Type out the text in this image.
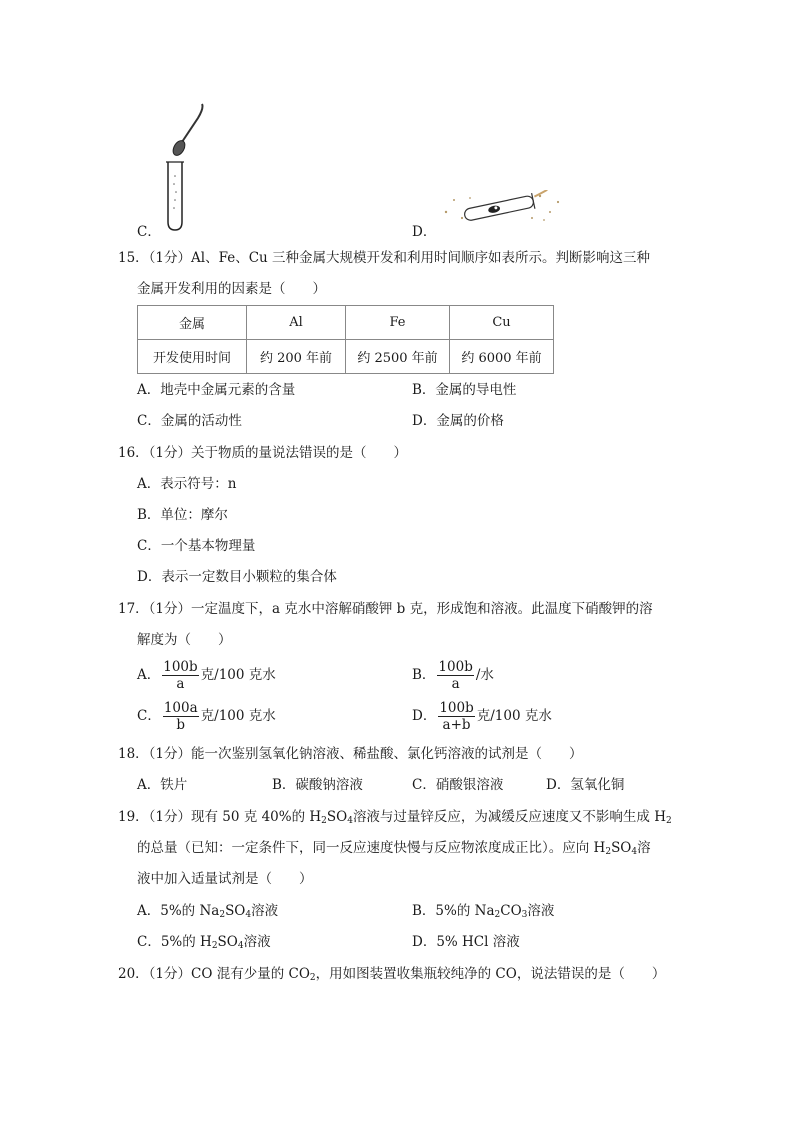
C．	D．
15．（1分）Al、Fe、Cu 三种金属大规模开发和利用时间顺序如表所示。判断影响这三种
金属开发利用的因素是（　　）
金属	Al	Fe	Cu
开发使用时间	约 200 年前	约 2500 年前	约 6000 年前
A．地壳中金属元素的含量	B．金属的导电性
C．金属的活动性	D．金属的价格
16．（1分）关于物质的量说法错误的是（　　）
A．表示符号：n
B．单位：摩尔
C．一个基本物理量
D．表示一定数目小颗粒的集合体
17．（1分）一定温度下，a 克水中溶解硝酸钾 b 克，形成饱和溶液。此温度下硝酸钾的溶
解度为（　　）
A． $\frac{100b}{a}$ 克/100 克水	B． $\frac{100b}{a}$ /水
C． $\frac{100a}{b}$ 克/100 克水	D． $\frac{100b}{a+b}$ 克/100 克水
18．（1分）能一次鉴别氢氧化钠溶液、稀盐酸、氯化钙溶液的试剂是（　　）
A．铁片	B．碳酸钠溶液	C．硝酸银溶液	D．氢氧化铜
19．（1分）现有 50 克 40%的 $H_2SO_4$溶液与过量锌反应，为减缓反应速度又不影响生成 $H_2$
的总量（已知：一定条件下，同一反应速度快慢与反应物浓度成正比）。应向 $H_2SO_4$溶
液中加入适量试剂是（　　）
A．5%的 $Na_2SO_4$溶液	B．5%的 $Na_2CO_3$溶液
C．5%的 $H_2SO_4$溶液	D．5% HCl 溶液
20．（1分）CO 混有少量的 $CO_2$，用如图装置收集瓶较纯净的 CO，说法错误的是（　　）
